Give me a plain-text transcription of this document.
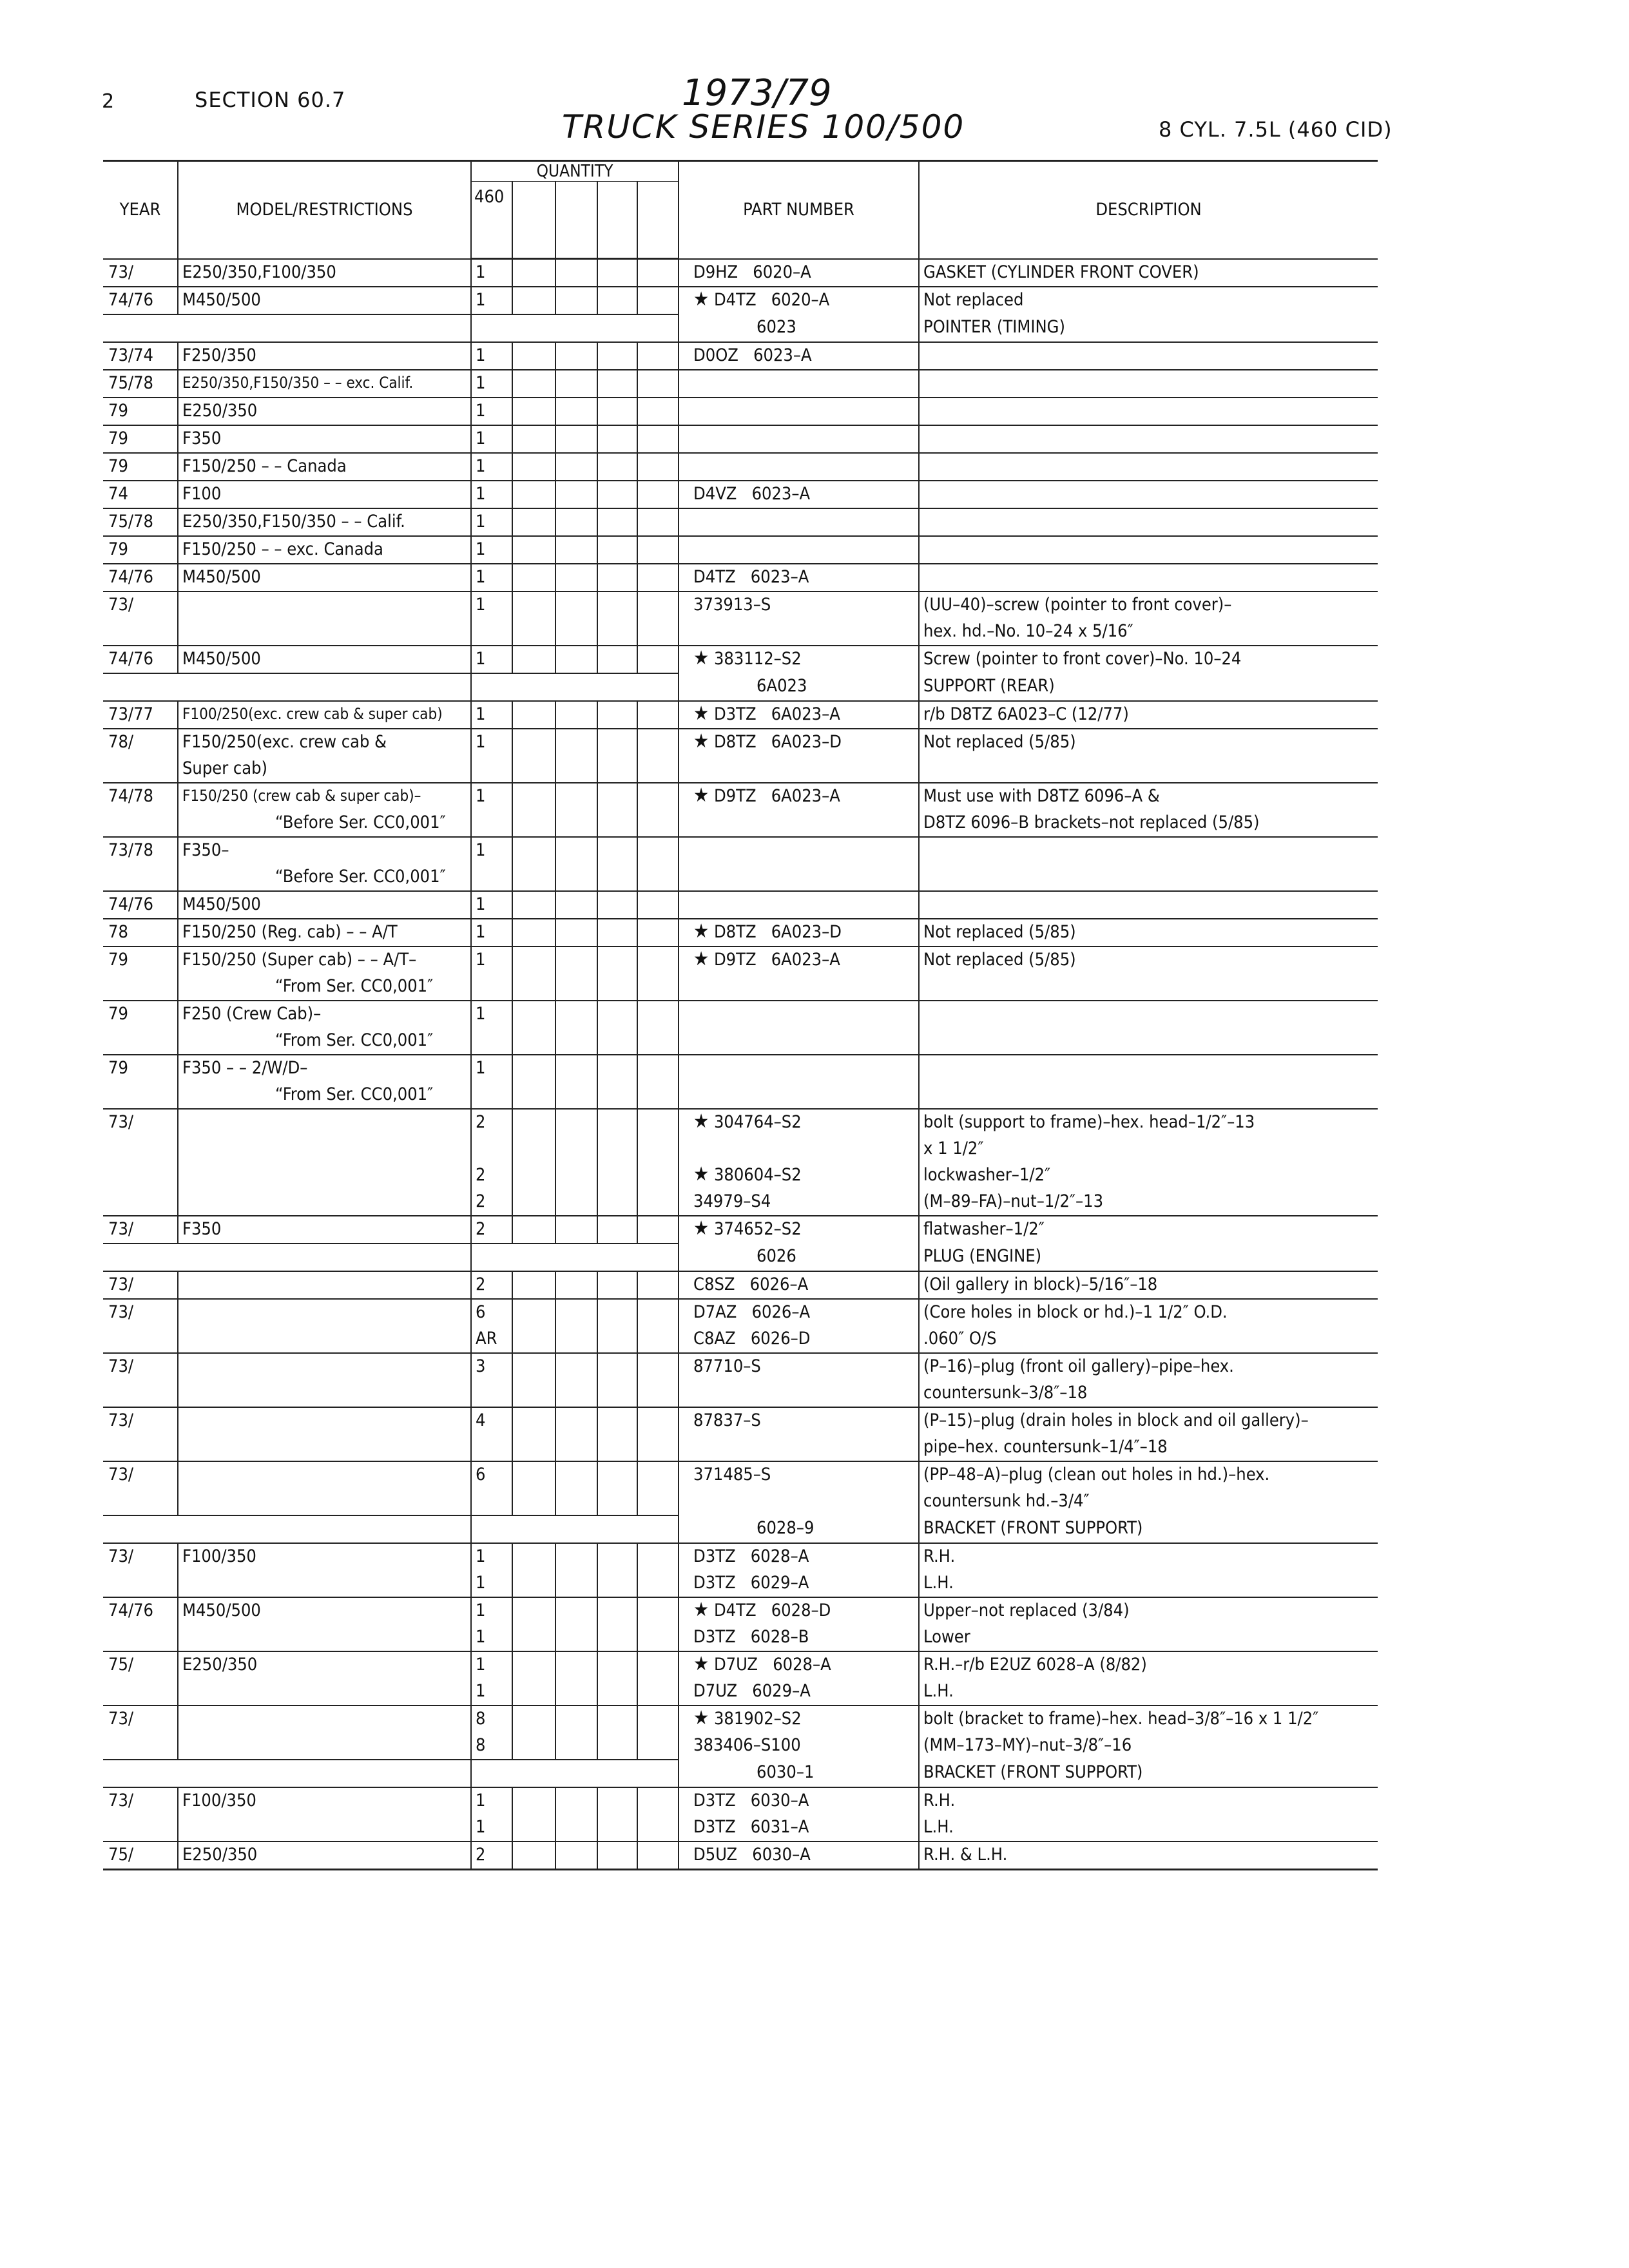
2	SECTION 60.7	1973/79
TRUCK SERIES 100/500	8 CYL. 7.5L (460 CID)
YEAR	MODEL/RESTRICTIONS	QUANTITY					PART NUMBER	DESCRIPTION
		460						
73/	E250/350,F100/350	1					D9HZ   6020–A	GASKET (CYLINDER FRONT COVER)
74/76	M450/500	1					★ D4TZ   6020–A	Not replaced
							6023	POINTER (TIMING)
73/74	F250/350	1					D0OZ   6023–A	
75/78	E250/350,F150/350 – – exc. Calif.	1						
79	E250/350	1						
79	F350	1						
79	F150/250 – – Canada	1						
74	F100	1					D4VZ   6023–A	
75/78	E250/350,F150/350 – – Calif.	1						
79	F150/250 – – exc. Canada	1						
74/76	M450/500	1					D4TZ   6023–A	
73/		1					373913–S	(UU–40)–screw (pointer to front cover)–
								hex. hd.–No. 10–24 x 5/16″
74/76	M450/500	1					★ 383112–S2	Screw (pointer to front cover)–No. 10–24
							6A023	SUPPORT (REAR)
73/77	F100/250(exc. crew cab & super cab)	1					★ D3TZ   6A023–A	r/b D8TZ 6A023–C (12/77)
78/	F150/250(exc. crew cab &	1					★ D8TZ   6A023–D	Not replaced (5/85)
	Super cab)							
74/78	F150/250 (crew cab & super cab)–	1					★ D9TZ   6A023–A	Must use with D8TZ 6096–A &
	“Before Ser. CC0,001″							D8TZ 6096–B brackets–not replaced (5/85)
73/78	F350–	1						
	“Before Ser. CC0,001″							
74/76	M450/500	1						
78	F150/250 (Reg. cab) – – A/T	1					★ D8TZ   6A023–D	Not replaced (5/85)
79	F150/250 (Super cab) – – A/T–	1					★ D9TZ   6A023–A	Not replaced (5/85)
	“From Ser. CC0,001″							
79	F250 (Crew Cab)–	1						
	“From Ser. CC0,001″							
79	F350 – – 2/W/D–	1						
	“From Ser. CC0,001″							
73/		2					★ 304764–S2	bolt (support to frame)–hex. head–1/2″–13
								x 1 1/2″
		2					★ 380604–S2	lockwasher–1/2″
		2					34979–S4	(M–89–FA)–nut–1/2″–13
73/	F350	2					★ 374652–S2	flatwasher–1/2″
							6026	PLUG (ENGINE)
73/		2					C8SZ   6026–A	(Oil gallery in block)–5/16″–18
73/		6					D7AZ   6026–A	(Core holes in block or hd.)–1 1/2″ O.D.
		AR					C8AZ   6026–D	.060″ O/S
73/		3					87710–S	(P–16)–plug (front oil gallery)–pipe–hex.
								countersunk–3/8″–18
73/		4					87837–S	(P–15)–plug (drain holes in block and oil gallery)–
								pipe–hex. countersunk–1/4″–18
73/		6					371485–S	(PP–48–A)–plug (clean out holes in hd.)–hex.
								countersunk hd.–3/4″
							6028–9	BRACKET (FRONT SUPPORT)
73/	F100/350	1					D3TZ   6028–A	R.H.
		1					D3TZ   6029–A	L.H.
74/76	M450/500	1					★ D4TZ   6028–D	Upper–not replaced (3/84)
		1					D3TZ   6028–B	Lower
75/	E250/350	1					★ D7UZ   6028–A	R.H.–r/b E2UZ 6028–A (8/82)
		1					D7UZ   6029–A	L.H.
73/		8					★ 381902–S2	bolt (bracket to frame)–hex. head–3/8″–16 x 1 1/2″
		8					383406–S100	(MM–173–MY)–nut–3/8″–16
							6030–1	BRACKET (FRONT SUPPORT)
73/	F100/350	1					D3TZ   6030–A	R.H.
		1					D3TZ   6031–A	L.H.
75/	E250/350	2					D5UZ   6030–A	R.H. & L.H.
